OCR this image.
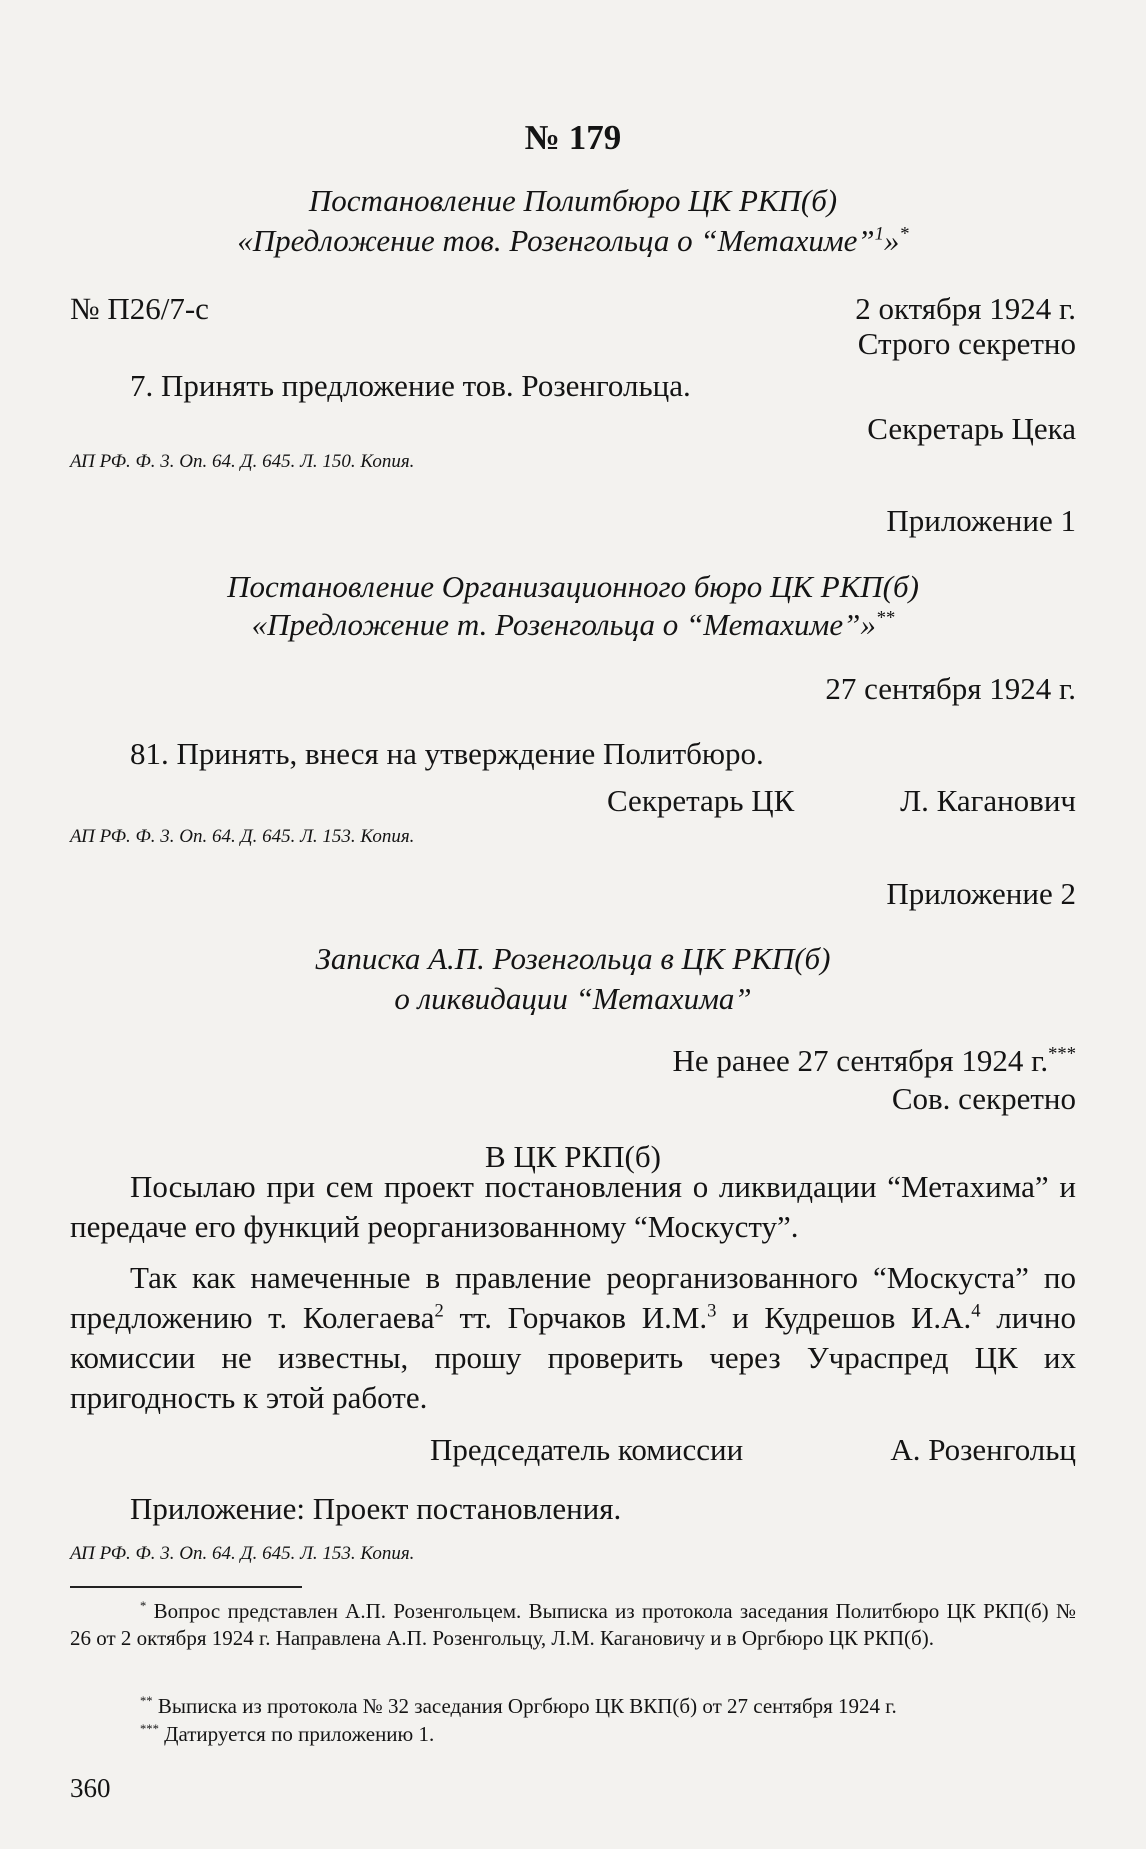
№ 179
Постановление Политбюро ЦК РКП(б)
«Предложение тов. Розенгольца о “Метахиме”$^1$»*
№ П26/7-с	2 октября 1924 г.
Строго секретно
7. Принять предложение тов. Розенгольца.
Секретарь Цека
АП РФ. Ф. 3. Оп. 64. Д. 645. Л. 150. Копия.
Приложение 1
Постановление Организационного бюро ЦК РКП(б)
«Предложение т. Розенгольца о “Метахиме”»**
27 сентября 1924 г.
81. Принять, внеся на утверждение Политбюро.
Секретарь ЦК	Л. Каганович
АП РФ. Ф. 3. Оп. 64. Д. 645. Л. 153. Копия.
Приложение 2
Записка А.П. Розенгольца в ЦК РКП(б)
о ликвидации “Метахима”
Не ранее 27 сентября 1924 г.***
Сов. секретно
В ЦК РКП(б)

Посылаю при сем проект постановления о ликвидации “Метахима” и передаче его функций реорганизованному “Москусту”.

Так как намеченные в правление реорганизованного “Москуста” по предложению т. Колегаева$^2$ тт. Горчаков И.М.$^3$ и Кудрешов И.А.$^4$ лично комиссии не известны, прошу проверить через Учраспред ЦК их пригодность к этой работе.

Председатель комиссии	А. Розенгольц
Приложение: Проект постановления.
АП РФ. Ф. 3. Оп. 64. Д. 645. Л. 153. Копия.
* Вопрос представлен А.П. Розенгольцем. Выписка из протокола заседания Политбюро ЦК РКП(б) № 26 от 2 октября 1924 г. Направлена А.П. Розенгольцу, Л.М. Кагановичу и в Оргбюро ЦК РКП(б).
** Выписка из протокола № 32 заседания Оргбюро ЦК ВКП(б) от 27 сентября 1924 г.
*** Датируется по приложению 1.
360
